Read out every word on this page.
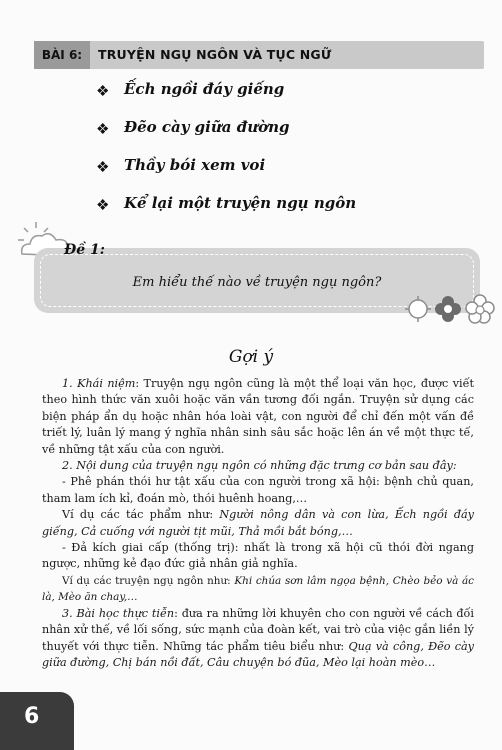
BÀI 6:	TRUYỆN NGỤ NGÔN VÀ TỤC NGỮ
❖ Ếch ngồi đáy giếng
❖ Đẽo cày giữa đường
❖ Thầy bói xem voi
❖ Kể lại một truyện ngụ ngôn
Đề 1:
Em hiểu thế nào về truyện ngụ ngôn?
Gợi ý

1. Khái niệm: Truyện ngụ ngôn cũng là một thể loại văn học, được viết theo hình thức văn xuôi hoặc văn vần tương đối ngắn. Truyện sử dụng các biện pháp ẩn dụ hoặc nhân hóa loài vật, con người để chỉ đến một vấn đề triết lý, luân lý mang ý nghĩa nhân sinh sâu sắc hoặc lên án về một thực tế, về những tật xấu của con người.

2. Nội dung của truyện ngụ ngôn có những đặc trưng cơ bản sau đây:

- Phê phán thói hư tật xấu của con người trong xã hội: bệnh chủ quan, tham lam ích kỉ, đoán mò, thói huênh hoang,…

Ví dụ các tác phẩm như: Người nông dân và con lừa, Ếch ngồi đáy giếng, Cả cuống với người tịt mũi, Thả mồi bắt bóng,…

- Đả kích giai cấp (thống trị): nhất là trong xã hội cũ thói đời ngang ngược, những kẻ đạo đức giả nhân giả nghĩa.

Ví dụ các truyện ngụ ngôn như: Khi chúa sơn lâm ngọa bệnh, Chèo bẻo và ác là, Mèo ăn chay,…

3. Bài học thực tiễn: đưa ra những lời khuyên cho con người về cách đối nhân xử thế, về lối sống, sức mạnh của đoàn kết, vai trò của việc gắn liền lý thuyết với thực tiễn. Những tác phẩm tiêu biểu như: Quạ và công, Đẽo cày giữa đường, Chị bán nồi đất, Câu chuyện bó đũa, Mèo lại hoàn mèo…

6
